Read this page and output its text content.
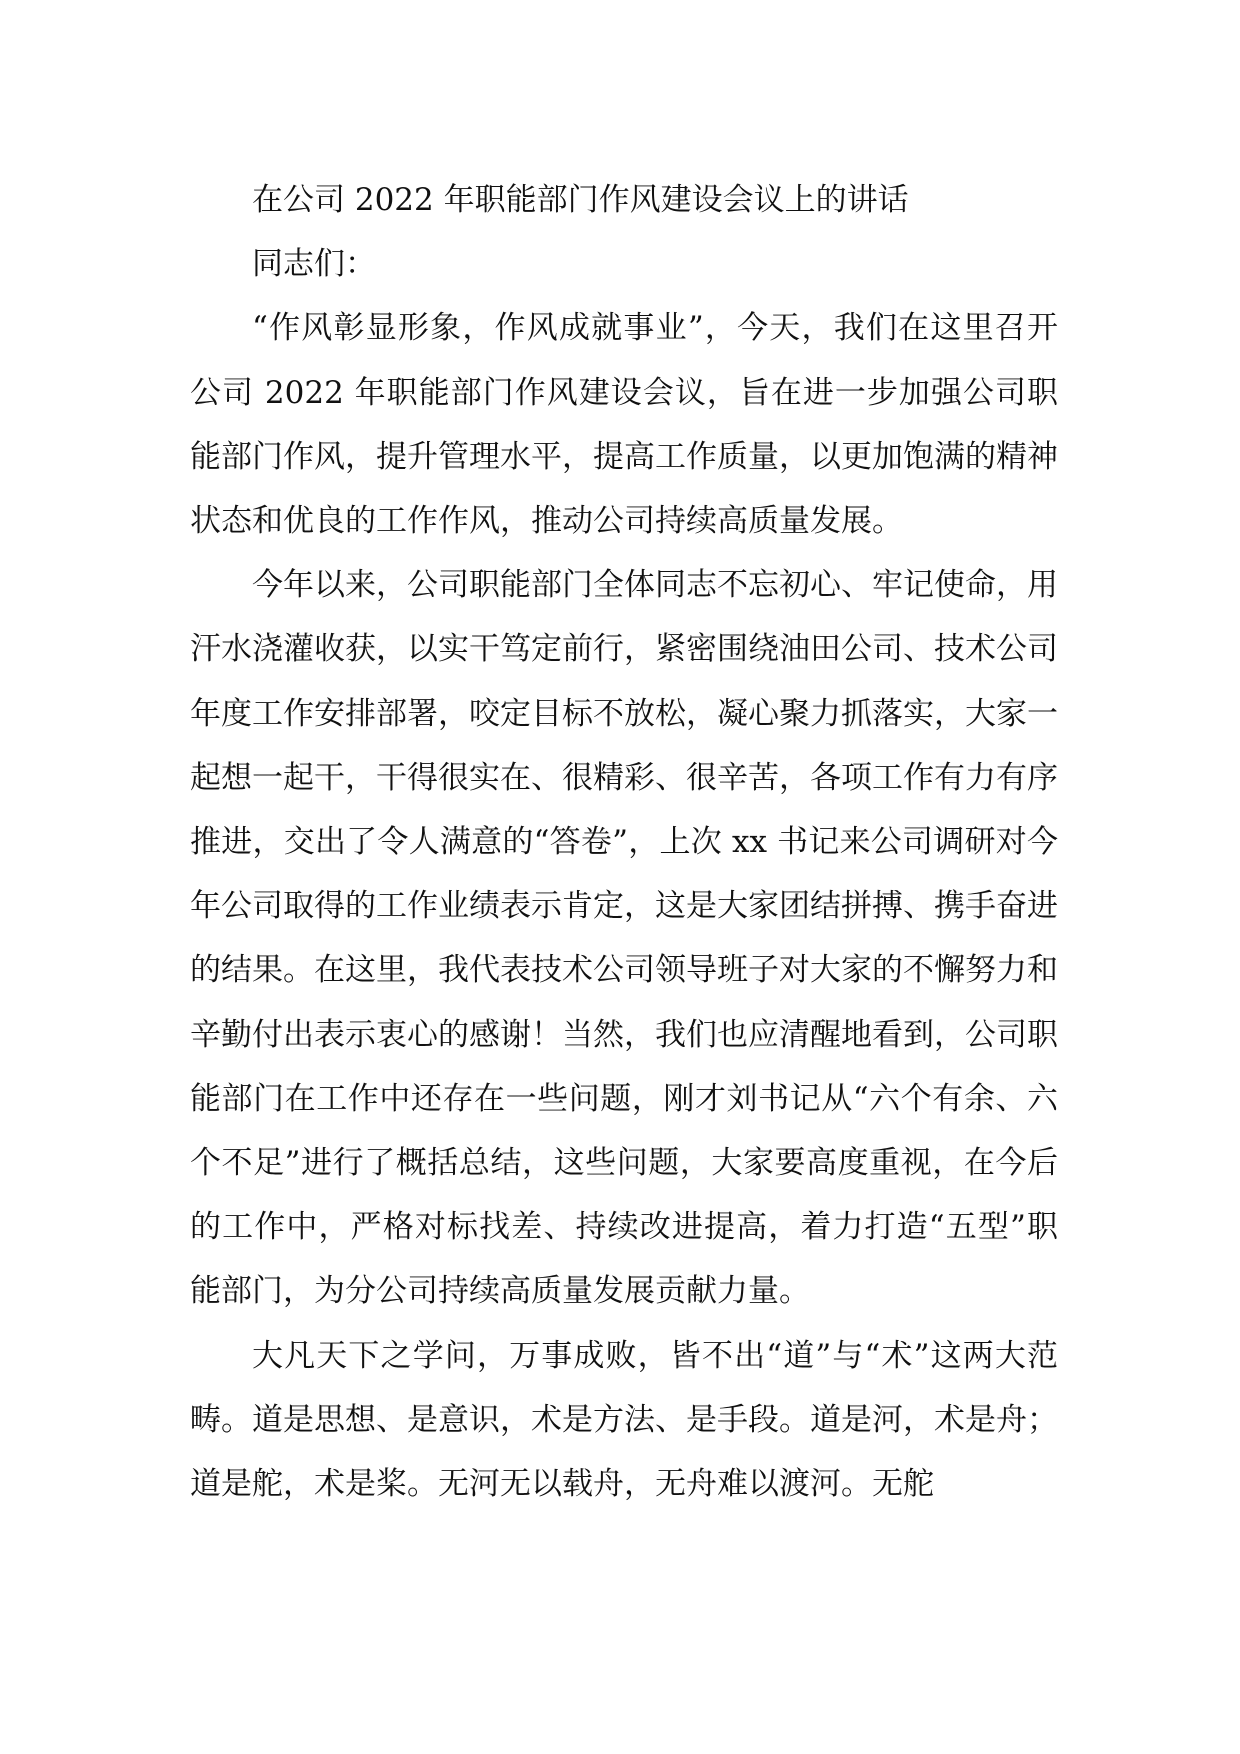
在公司 2022 年职能部门作风建设会议上的讲话

同志们：

“作风彰显形象，作风成就事业”，今天，我们在这里召开公司 2022 年职能部门作风建设会议，旨在进一步加强公司职能部门作风，提升管理水平，提高工作质量，以更加饱满的精神状态和优良的工作作风，推动公司持续高质量发展。

今年以来，公司职能部门全体同志不忘初心、牢记使命，用汗水浇灌收获，以实干笃定前行，紧密围绕油田公司、技术公司年度工作安排部署，咬定目标不放松，凝心聚力抓落实，大家一起想一起干，干得很实在、很精彩、很辛苦，各项工作有力有序推进，交出了令人满意的“答卷”，上次 xx 书记来公司调研对今年公司取得的工作业绩表示肯定，这是大家团结拼搏、携手奋进的结果。在这里，我代表技术公司领导班子对大家的不懈努力和辛勤付出表示衷心的感谢！当然，我们也应清醒地看到，公司职能部门在工作中还存在一些问题，刚才刘书记从“六个有余、六个不足”进行了概括总结，这些问题，大家要高度重视，在今后的工作中，严格对标找差、持续改进提高，着力打造“五型”职能部门，为分公司持续高质量发展贡献力量。

大凡天下之学问，万事成败，皆不出“道”与“术”这两大范畴。道是思想、是意识，术是方法、是手段。道是河，术是舟；道是舵，术是桨。无河无以载舟，无舟难以渡河。无舵
